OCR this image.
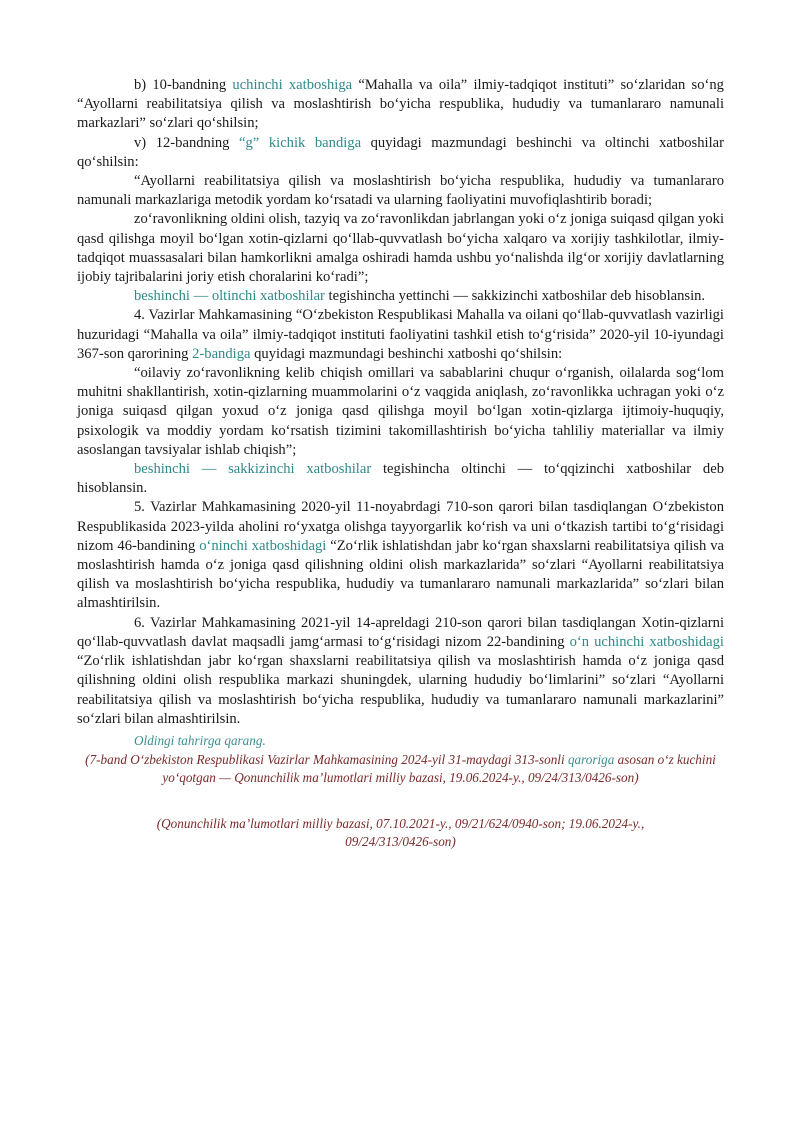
b) 10-bandning uchinchi xatboshiga “Mahalla va oila” ilmiy-tadqiqot instituti” so‘zlaridan so‘ng “Ayollarni reabilitatsiya qilish va moslashtirish bo‘yicha respublika, hududiy va tumanlararo namunali markazlari” so‘zlari qo‘shilsin;

v) 12-bandning “g” kichik bandiga quyidagi mazmundagi beshinchi va oltinchi xatboshilar qo‘shilsin:

“Ayollarni reabilitatsiya qilish va moslashtirish bo‘yicha respublika, hududiy va tumanlararo namunali markazlariga metodik yordam ko‘rsatadi va ularning faoliyatini muvofiqlashtirib boradi;

zo‘ravonlikning oldini olish, tazyiq va zo‘ravonlikdan jabrlangan yoki o‘z joniga suiqasd qilgan yoki qasd qilishga moyil bo‘lgan xotin-qizlarni qo‘llab-quvvatlash bo‘yicha xalqaro va xorijiy tashkilotlar, ilmiy-tadqiqot muassasalari bilan hamkorlikni amalga oshiradi hamda ushbu yo‘nalishda ilg‘or xorijiy davlatlarning ijobiy tajribalarini joriy etish choralarini ko‘radi”;

beshinchi — oltinchi xatboshilar tegishincha yettinchi — sakkizinchi xatboshilar deb hisoblansin.

4. Vazirlar Mahkamasining “O‘zbekiston Respublikasi Mahalla va oilani qo‘llab-quvvatlash vazirligi huzuridagi “Mahalla va oila” ilmiy-tadqiqot instituti faoliyatini tashkil etish to‘g‘risida” 2020-yil 10-iyundagi 367-son qarorining 2-bandiga quyidagi mazmundagi beshinchi xatboshi qo‘shilsin:

“oilaviy zo‘ravonlikning kelib chiqish omillari va sabablarini chuqur o‘rganish, oilalarda sog‘lom muhitni shakllantirish, xotin-qizlarning muammolarini o‘z vaqgida aniqlash, zo‘ravonlikka uchragan yoki o‘z joniga suiqasd qilgan yoxud o‘z joniga qasd qilishga moyil bo‘lgan xotin-qizlarga ijtimoiy-huquqiy, psixologik va moddiy yordam ko‘rsatish tizimini takomillashtirish bo‘yicha tahliliy materiallar va ilmiy asoslangan tavsiyalar ishlab chiqish”;

beshinchi — sakkizinchi xatboshilar tegishincha oltinchi — to‘qqizinchi xatboshilar deb hisoblansin.

5. Vazirlar Mahkamasining 2020-yil 11-noyabrdagi 710-son qarori bilan tasdiqlangan O‘zbekiston Respublikasida 2023-yilda aholini ro‘yxatga olishga tayyorgarlik ko‘rish va uni o‘tkazish tartibi to‘g‘risidagi nizom 46-bandining o‘ninchi xatboshidagi “Zo‘rlik ishlatishdan jabr ko‘rgan shaxslarni reabilitatsiya qilish va moslashtirish hamda o‘z joniga qasd qilishning oldini olish markazlarida” so‘zlari “Ayollarni reabilitatsiya qilish va moslashtirish bo‘yicha respublika, hududiy va tumanlararo namunali markazlarida” so‘zlari bilan almashtirilsin.

6. Vazirlar Mahkamasining 2021-yil 14-apreldagi 210-son qarori bilan tasdiqlangan Xotin-qizlarni qo‘llab-quvvatlash davlat maqsadli jamg‘armasi to‘g‘risidagi nizom 22-bandining o‘n uchinchi xatboshidagi “Zo‘rlik ishlatishdan jabr ko‘rgan shaxslarni reabilitatsiya qilish va moslashtirish hamda o‘z joniga qasd qilishning oldini olish respublika markazi shuningdek, ularning hududiy bo‘limlarini” so‘zlari “Ayollarni reabilitatsiya qilish va moslashtirish bo‘yicha respublika, hududiy va tumanlararo namunali markazlarini” so‘zlari bilan almashtirilsin.

Oldingi tahrirga qarang.

(7-band O‘zbekiston Respublikasi Vazirlar Mahkamasining 2024-yil 31-maydagi 313-sonli qaroriga asosan o‘z kuchini yo‘qotgan — Qonunchilik ma’lumotlari milliy bazasi, 19.06.2024-y., 09/24/313/0426-son)

(Qonunchilik ma’lumotlari milliy bazasi, 07.10.2021-y., 09/21/624/0940-son; 19.06.2024-y., 09/24/313/0426-son)
